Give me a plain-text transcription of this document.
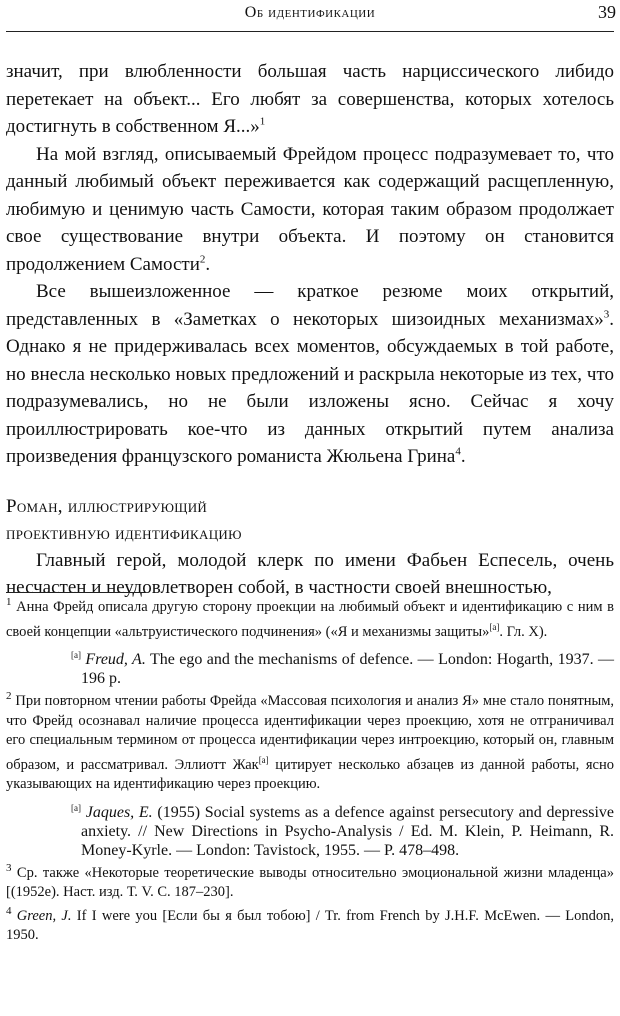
Об идентификации	39

значит, при влюбленности большая часть нарциссического либидо перетекает на объект... Его любят за совершенства, которых хотелось достигнуть в собственном Я...»$^1$

На мой взгляд, описываемый Фрейдом процесс подразумевает то, что данный любимый объект переживается как содержащий расщепленную, любимую и ценимую часть Самости, которая таким образом продолжает свое существование внутри объекта. И поэтому он становится продолжением Самости$^2$.

Все вышеизложенное — краткое резюме моих открытий, представленных в «Заметках о некоторых шизоидных механизмах»$^3$. Однако я не придерживалась всех моментов, обсуждаемых в той работе, но внесла несколько новых предложений и раскрыла некоторые из тех, что подразумевались, но не были изложены ясно. Сейчас я хочу проиллюстрировать кое-что из данных открытий путем анализа произведения французского романиста Жюльена Грина$^4$.

Роман, иллюстрирующий
проективную идентификацию

Главный герой, молодой клерк по имени Фабьен Еспесель, очень несчастен и неудовлетворен собой, в частности своей внешностью,

$^1$ Анна Фрейд описала другую сторону проекции на любимый объект и идентификацию с ним в своей концепции «альтруистического подчинения» («Я и механизмы защиты»[a]. Гл. X).

[a] Freud, A. The ego and the mechanisms of defence. — London: Hogarth, 1937. — 196 p.

$^2$ При повторном чтении работы Фрейда «Массовая психология и анализ Я» мне стало понятным, что Фрейд осознавал наличие процесса идентификации через проекцию, хотя не отграничивал его специальным термином от процесса идентификации через интроекцию, который он, главным образом, и рассматривал. Эллиотт Жак[a] цитирует несколько абзацев из данной работы, ясно указывающих на идентификацию через проекцию.

[a] Jaques, E. (1955) Social systems as a defence against persecutory and depressive anxiety. // New Directions in Psycho-Analysis / Ed. M. Klein, P. Heimann, R. Money-Kyrle. — London: Tavistock, 1955. — P. 478–498.

$^3$ Ср. также «Некоторые теоретические выводы относительно эмоциональной жизни младенца» [(1952e). Наст. изд. Т. V. С. 187–230].

$^4$ Green, J. If I were you [Если бы я был тобою] / Tr. from French by J.H.F. McEwen. — London, 1950.
